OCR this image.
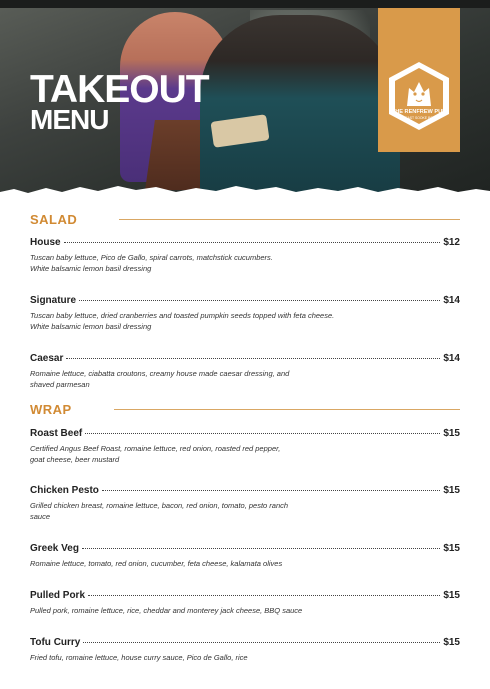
TAKEOUT
MENU	THE RENFREW PUB
EAST SOOKE BC
SALAD
House	$12
Tuscan baby lettuce, Pico de Gallo, spiral carrots, matchstick cucumbers. White balsamic lemon basil dressing
Signature	$14
Tuscan baby lettuce, dried cranberries and toasted pumpkin seeds topped with feta cheese. White balsamic lemon basil dressing
Caesar	$14
Romaine lettuce, ciabatta croutons, creamy house made caesar dressing, and shaved parmesan
WRAP
Roast Beef	$15
Certified Angus Beef Roast, romaine lettuce, red onion, roasted red pepper, goat cheese, beer mustard
Chicken Pesto	$15
Grilled chicken breast, romaine lettuce, bacon, red onion, tomato, pesto ranch sauce
Greek Veg	$15
Romaine lettuce, tomato, red onion, cucumber, feta cheese, kalamata olives
Pulled Pork	$15
Pulled pork, romaine lettuce, rice, cheddar and monterey jack cheese, BBQ sauce
Tofu Curry	$15
Fried tofu, romaine lettuce, house curry sauce, Pico de Gallo, rice
